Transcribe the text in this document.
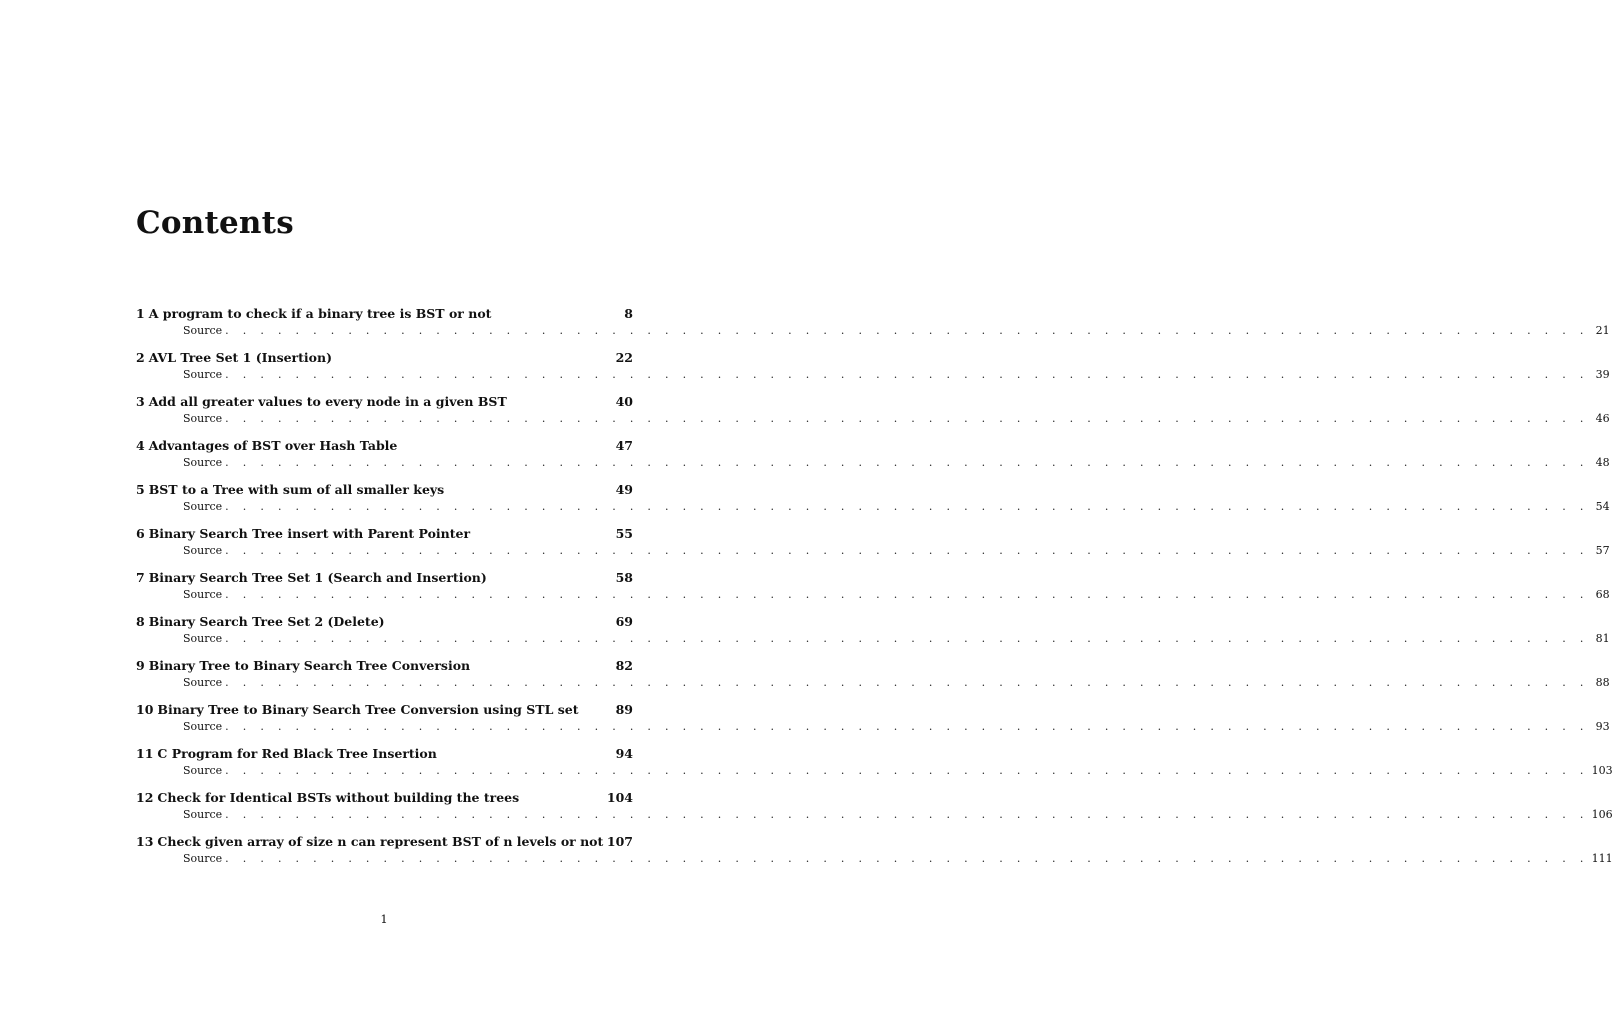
Contents
1 A program to check if a binary tree is BST or not	8
Source . . . . . . . . . . . . . . . . . . . . . . . . . . . . . . . . . . . . . . . . . . . . . . . . . . . . . . . . . . . . . . . . . . . . . . . . . . . . . . 21
2 AVL Tree Set 1 (Insertion)	22
Source . . . . . . . . . . . . . . . . . . . . . . . . . . . . . . . . . . . . . . . . . . . . . . . . . . . . . . . . . . . . . . . . . . . . . . . . . . . . . . 39
3 Add all greater values to every node in a given BST	40
Source . . . . . . . . . . . . . . . . . . . . . . . . . . . . . . . . . . . . . . . . . . . . . . . . . . . . . . . . . . . . . . . . . . . . . . . . . . . . . . 46
4 Advantages of BST over Hash Table	47
Source . . . . . . . . . . . . . . . . . . . . . . . . . . . . . . . . . . . . . . . . . . . . . . . . . . . . . . . . . . . . . . . . . . . . . . . . . . . . . . 48
5 BST to a Tree with sum of all smaller keys	49
Source . . . . . . . . . . . . . . . . . . . . . . . . . . . . . . . . . . . . . . . . . . . . . . . . . . . . . . . . . . . . . . . . . . . . . . . . . . . . . . 54
6 Binary Search Tree insert with Parent Pointer	55
Source . . . . . . . . . . . . . . . . . . . . . . . . . . . . . . . . . . . . . . . . . . . . . . . . . . . . . . . . . . . . . . . . . . . . . . . . . . . . . . 57
7 Binary Search Tree Set 1 (Search and Insertion)	58
Source . . . . . . . . . . . . . . . . . . . . . . . . . . . . . . . . . . . . . . . . . . . . . . . . . . . . . . . . . . . . . . . . . . . . . . . . . . . . . . 68
8 Binary Search Tree Set 2 (Delete)	69
Source . . . . . . . . . . . . . . . . . . . . . . . . . . . . . . . . . . . . . . . . . . . . . . . . . . . . . . . . . . . . . . . . . . . . . . . . . . . . . . 81
9 Binary Tree to Binary Search Tree Conversion	82
Source . . . . . . . . . . . . . . . . . . . . . . . . . . . . . . . . . . . . . . . . . . . . . . . . . . . . . . . . . . . . . . . . . . . . . . . . . . . . . . 88
10 Binary Tree to Binary Search Tree Conversion using STL set	89
Source . . . . . . . . . . . . . . . . . . . . . . . . . . . . . . . . . . . . . . . . . . . . . . . . . . . . . . . . . . . . . . . . . . . . . . . . . . . . . . 93
11 C Program for Red Black Tree Insertion	94
Source . . . . . . . . . . . . . . . . . . . . . . . . . . . . . . . . . . . . . . . . . . . . . . . . . . . . . . . . . . . . . . . . . . . . . . . . . . . . . . 103
12 Check for Identical BSTs without building the trees	104
Source . . . . . . . . . . . . . . . . . . . . . . . . . . . . . . . . . . . . . . . . . . . . . . . . . . . . . . . . . . . . . . . . . . . . . . . . . . . . . . 106
13 Check given array of size n can represent BST of n levels or not 107
Source . . . . . . . . . . . . . . . . . . . . . . . . . . . . . . . . . . . . . . . . . . . . . . . . . . . . . . . . . . . . . . . . . . . . . . . . . . . . . . 111
1
